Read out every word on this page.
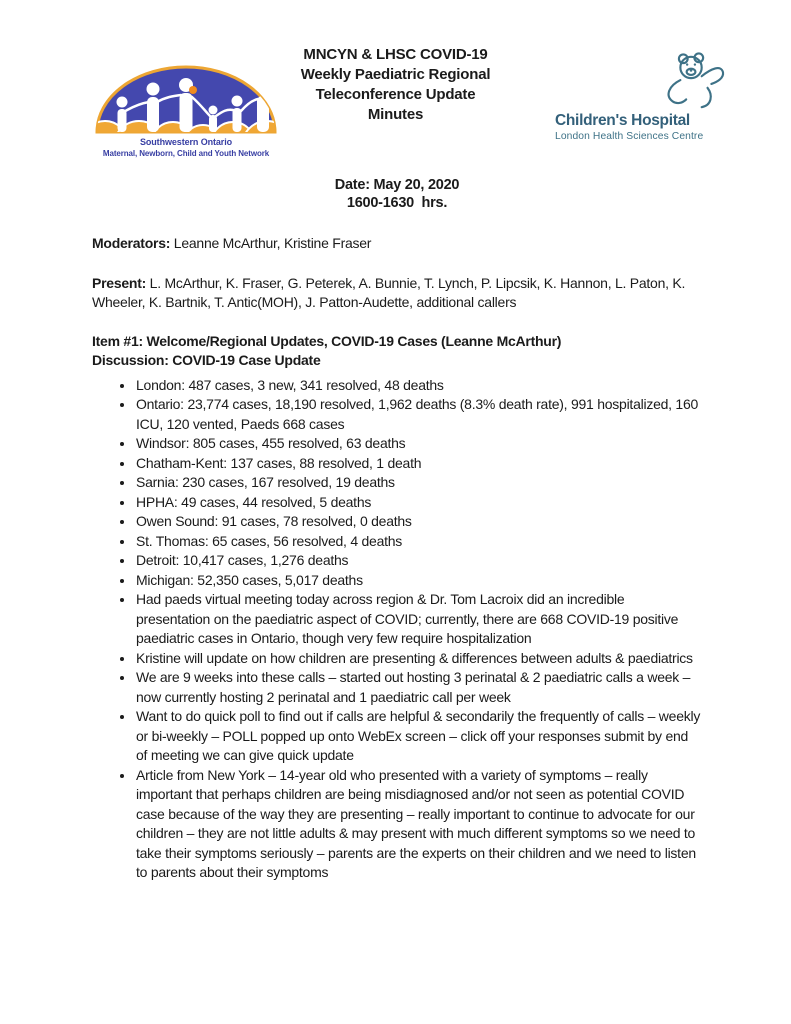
Southwestern Ontario
Maternal, Newborn, Child and Youth Network
MNCYN & LHSC COVID-19
Weekly Paediatric Regional
Teleconference Update
Minutes	Children's Hospital
London Health Sciences Centre
Date: May 20, 2020
1600-1630  hrs.

Moderators: Leanne McArthur, Kristine Fraser

Present: L. McArthur, K. Fraser, G. Peterek, A. Bunnie, T. Lynch, P. Lipcsik, K. Hannon, L. Paton, K. Wheeler, K. Bartnik, T. Antic(MOH), J. Patton-Audette, additional callers

Item #1: Welcome/Regional Updates, COVID-19 Cases (Leanne McArthur)

Discussion: COVID-19 Case Update

• London: 487 cases, 3 new, 341 resolved, 48 deaths
• Ontario: 23,774 cases, 18,190 resolved, 1,962 deaths (8.3% death rate), 991 hospitalized, 160 ICU, 120 vented, Paeds 668 cases
• Windsor: 805 cases, 455 resolved, 63 deaths
• Chatham-Kent: 137 cases, 88 resolved, 1 death
• Sarnia: 230 cases, 167 resolved, 19 deaths
• HPHA: 49 cases, 44 resolved, 5 deaths
• Owen Sound: 91 cases, 78 resolved, 0 deaths
• St. Thomas: 65 cases, 56 resolved, 4 deaths
• Detroit: 10,417 cases, 1,276 deaths
• Michigan: 52,350 cases, 5,017 deaths
• Had paeds virtual meeting today across region & Dr. Tom Lacroix did an incredible presentation on the paediatric aspect of COVID; currently, there are 668 COVID-19 positive paediatric cases in Ontario, though very few require hospitalization
• Kristine will update on how children are presenting & differences between adults & paediatrics
• We are 9 weeks into these calls – started out hosting 3 perinatal & 2 paediatric calls a week – now currently hosting 2 perinatal and 1 paediatric call per week
• Want to do quick poll to find out if calls are helpful & secondarily the frequently of calls – weekly or bi-weekly – POLL popped up onto WebEx screen – click off your responses submit by end of meeting we can give quick update
• Article from New York – 14-year old who presented with a variety of symptoms – really important that perhaps children are being misdiagnosed and/or not seen as potential COVID case because of the way they are presenting – really important to continue to advocate for our children – they are not little adults & may present with much different symptoms so we need to take their symptoms seriously – parents are the experts on their children and we need to listen to parents about their symptoms
